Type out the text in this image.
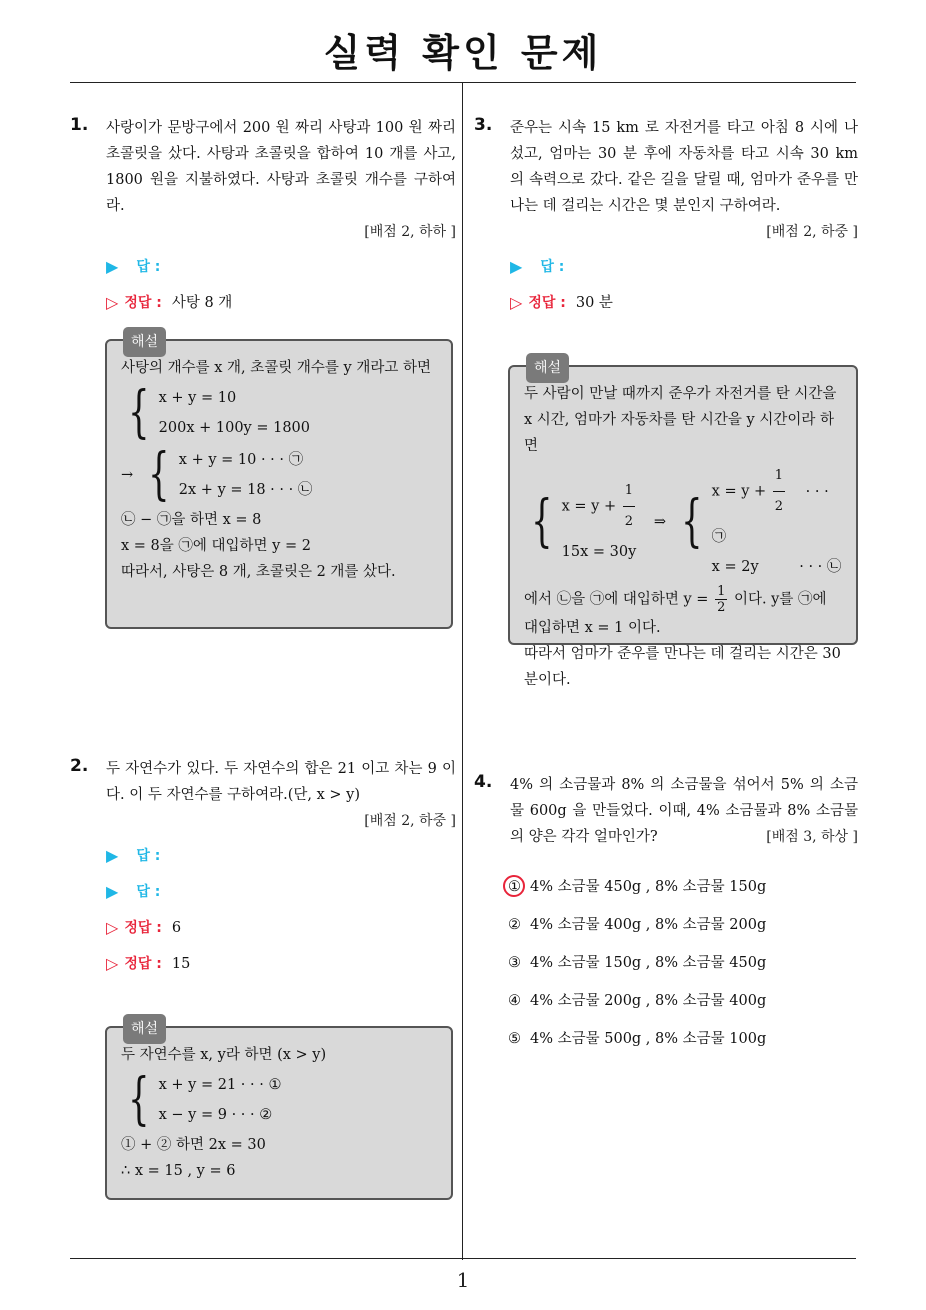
실력 확인 문제
1
1. 사랑이가 문방구에서 200 원 짜리 사탕과 100 원 짜리 초콜릿을 샀다. 사탕과 초콜릿을 합하여 10 개를 사고, 1800 원을 지불하였다. 사탕과 초콜릿 개수를 구하여라.
[배점 2, 하하 ]
▶ 답 :
▷ 정답 : 사탕 8 개
해설
사탕의 개수를 x 개, 초콜릿 개수를 y 개라고 하면
{ x + y = 10
200x + 100y = 1800
→ { x + y = 10 · · · ㉠
2x + y = 18 · · · ㉡
㉡ − ㉠을 하면 x = 8
x = 8을 ㉠에 대입하면 y = 2
따라서, 사탕은 8 개, 초콜릿은 2 개를 샀다.
2. 두 자연수가 있다. 두 자연수의 합은 21 이고 차는 9 이다. 이 두 자연수를 구하여라.(단, x > y)
[배점 2, 하중 ]
▶ 답 :
▶ 답 :
▷ 정답 : 6
▷ 정답 : 15
해설
두 자연수를 x, y라 하면 (x > y)
{ x + y = 21 · · · ①
x − y = 9 · · · ②
① + ② 하면 2x = 30
∴ x = 15 , y = 6
3. 준우는 시속 15 km 로 자전거를 타고 아침 8 시에 나섰고, 엄마는 30 분 후에 자동차를 타고 시속 30 km 의 속력으로 갔다. 같은 길을 달릴 때, 엄마가 준우를 만나는 데 걸리는 시간은 몇 분인지 구하여라.
[배점 2, 하중 ]
▶ 답 :
▷ 정답 : 30 분
해설
두 사람이 만날 때까지 준우가 자전거를 탄 시간을 x 시간, 엄마가 자동차를 탄 시간을 y 시간이라 하면
{ $x = y + \frac{1}{2}$
15x = 30y
⇒ { $x = y + \frac{1}{2}$ · · · ㉠
x = 2y	· · · ㉡
에서 ㉡을 ㉠에 대입하면 $y = \frac{1}{2}$ 이다. y를 ㉠에
대입하면 x = 1 이다.
따라서 엄마가 준우를 만나는 데 걸리는 시간은 30 분이다.
4. 4% 의 소금물과 8% 의 소금물을 섞어서 5% 의 소금물 600g 을 만들었다. 이때, 4% 소금물과 8% 소금물의 양은 각각 얼마인가?	[배점 3, 하상 ]
① 4% 소금물 450g , 8% 소금물 150g
② 4% 소금물 400g , 8% 소금물 200g
③ 4% 소금물 150g , 8% 소금물 450g
④ 4% 소금물 200g , 8% 소금물 400g
⑤ 4% 소금물 500g , 8% 소금물 100g
